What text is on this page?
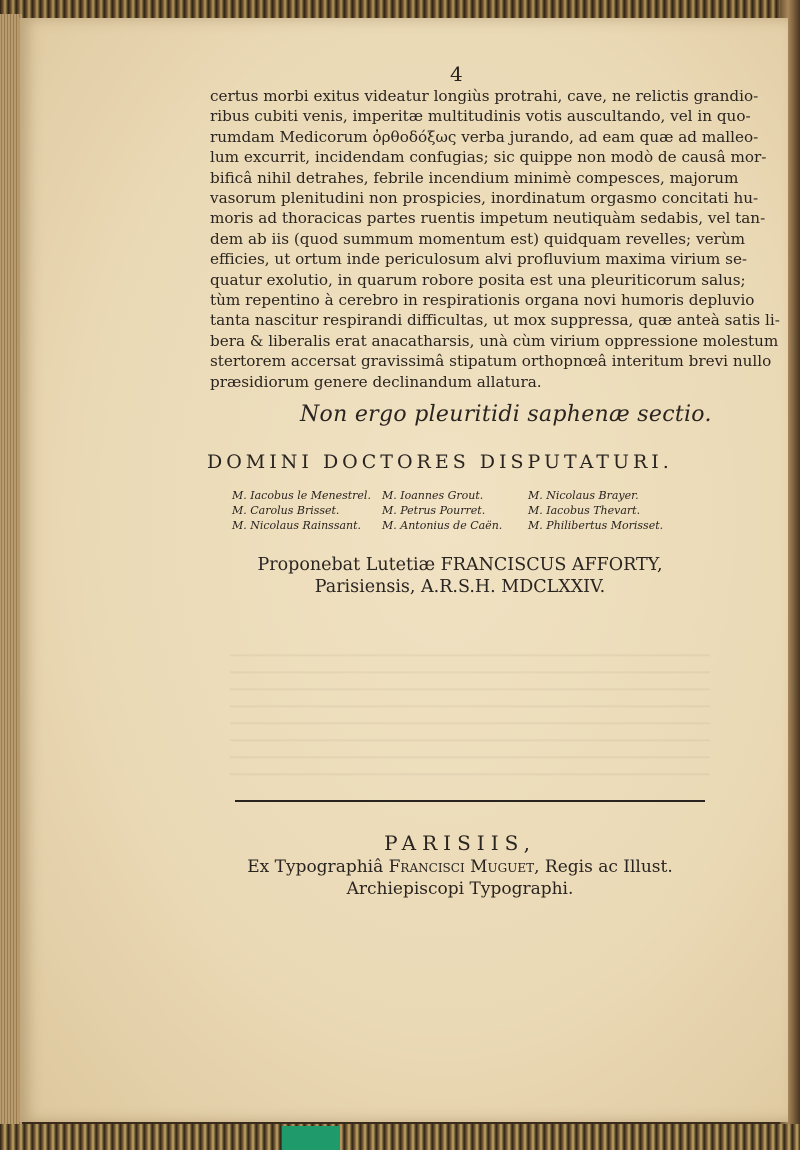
4
certus morbi exitus videatur longiùs protrahi, cave, ne relictis grandio-
ribus cubiti venis, imperitæ multitudinis votis auscultando, vel in quo-
rumdam Medicorum ὀρθοδόξως verba jurando, ad eam quæ ad malleo-
lum excurrit, incidendam confugias; sic quippe non modò de causâ mor-
bificâ nihil detrahes, febrile incendium minimè compesces, majorum
vasorum plenitudini non prospicies, inordinatum orgasmo concitati hu-
moris ad thoracicas partes ruentis impetum neutiquàm sedabis, vel tan-
dem ab iis (quod summum momentum est) quidquam revelles; verùm
efficies, ut ortum inde periculosum alvi profluvium maxima virium se-
quatur exolutio, in quarum robore posita est una pleuriticorum salus;
tùm repentino à cerebro in respirationis organa novi humoris depluvio
tanta nascitur respirandi difficultas, ut mox suppressa, quæ anteà satis li-
bera & liberalis erat anacatharsis, unà cùm virium oppressione molestum
stertorem accersat gravissimâ stipatum orthopnœâ interitum brevi nullo
præsidiorum genere declinandum allatura.
Non ergo pleuritidi saphenæ sectio.
DOMINI DOCTORES DISPUTATURI.
M. Iacobus le Menestrel.	M. Ioannes Grout.	M. Nicolaus Brayer.
M. Carolus Brisset.	M. Petrus Pourret.	M. Iacobus Thevart.
M. Nicolaus Rainssant.	M. Antonius de Caën.	M. Philibertus Morisset.
Proponebat Lutetiæ FRANCISCUS AFFORTY,
Parisiensis, A.R.S.H. MDCLXXIV.
PARISIIS,
Ex Typographiâ Francisci Muguet, Regis ac Illust.
Archiepiscopi Typographi.
